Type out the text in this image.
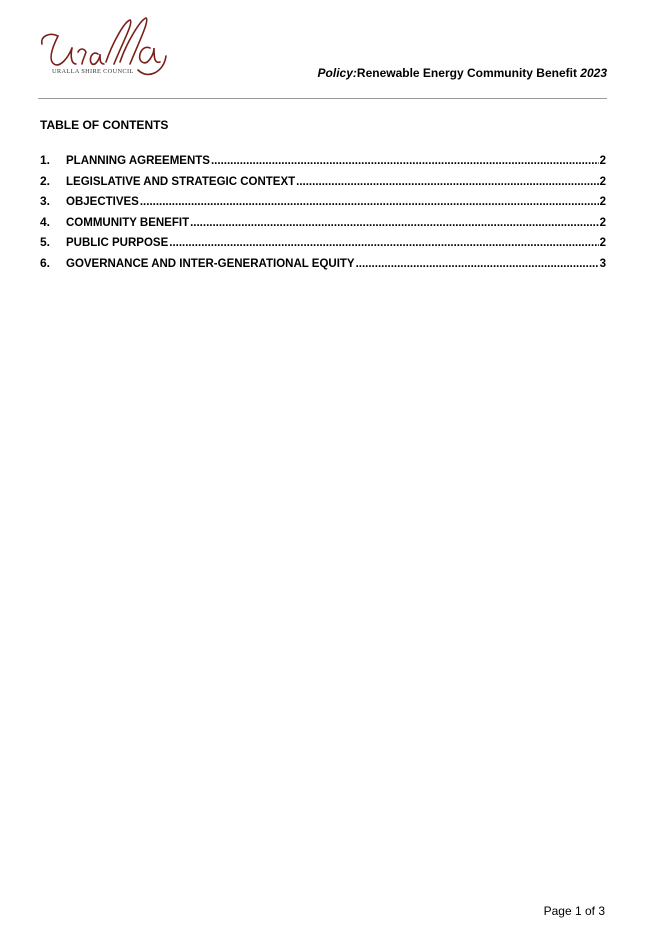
URALLA SHIRE COUNCIL	Policy:Renewable Energy Community Benefit 2023
TABLE OF CONTENTS
1.	PLANNING AGREEMENTS .....	2
2.	LEGISLATIVE AND STRATEGIC CONTEXT .....	2
3.	OBJECTIVES .....	2
4.	COMMUNITY BENEFIT .....	2
5.	PUBLIC PURPOSE .....	2
6.	GOVERNANCE AND INTER-GENERATIONAL EQUITY .....	3
Page 1 of 3
